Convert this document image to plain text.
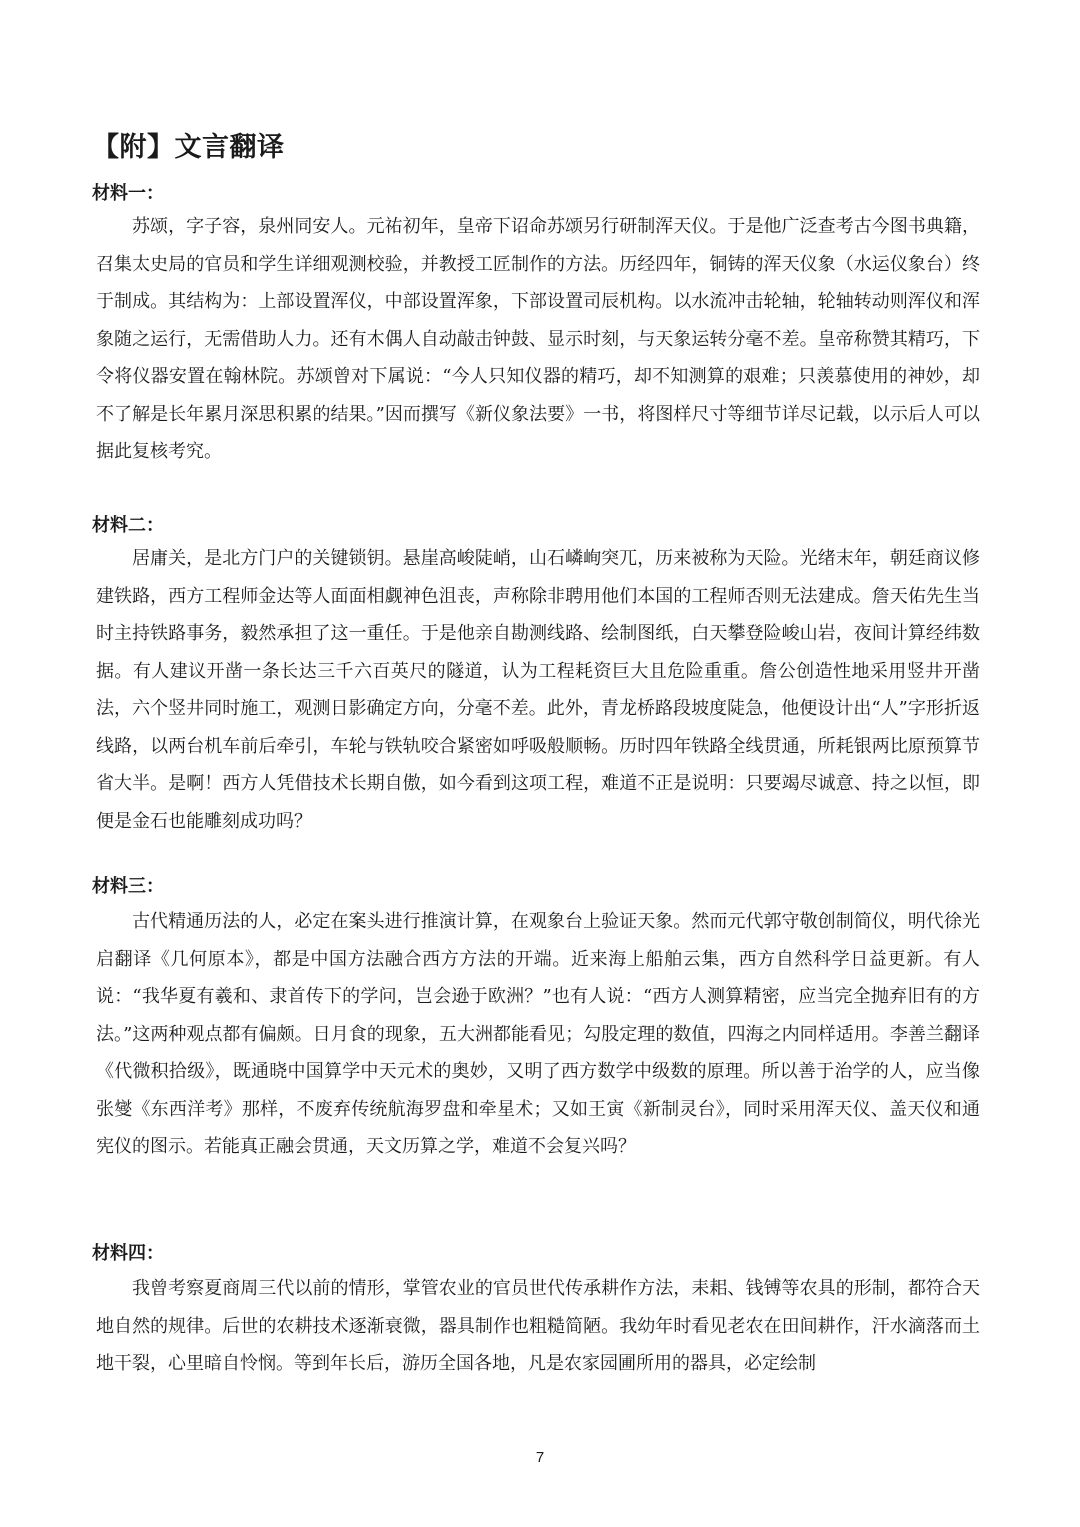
【附】文言翻译
材料一：

苏颂，字子容，泉州同安人。元祐初年，皇帝下诏命苏颂另行研制浑天仪。于是他广泛查考古今图书典籍，召集太史局的官员和学生详细观测校验，并教授工匠制作的方法。历经四年，铜铸的浑天仪象（水运仪象台）终于制成。其结构为：上部设置浑仪，中部设置浑象，下部设置司辰机构。以水流冲击轮轴，轮轴转动则浑仪和浑象随之运行，无需借助人力。还有木偶人自动敲击钟鼓、显示时刻，与天象运转分毫不差。皇帝称赞其精巧，下令将仪器安置在翰林院。苏颂曾对下属说：“今人只知仪器的精巧，却不知测算的艰难；只羡慕使用的神妙，却不了解是长年累月深思积累的结果。”因而撰写《新仪象法要》一书，将图样尺寸等细节详尽记载，以示后人可以据此复核考究。

材料二：

居庸关，是北方门户的关键锁钥。悬崖高峻陡峭，山石嶙峋突兀，历来被称为天险。光绪末年，朝廷商议修建铁路，西方工程师金达等人面面相觑神色沮丧，声称除非聘用他们本国的工程师否则无法建成。詹天佑先生当时主持铁路事务，毅然承担了这一重任。于是他亲自勘测线路、绘制图纸，白天攀登险峻山岩，夜间计算经纬数据。有人建议开凿一条长达三千六百英尺的隧道，认为工程耗资巨大且危险重重。詹公创造性地采用竖井开凿法，六个竖井同时施工，观测日影确定方向，分毫不差。此外，青龙桥路段坡度陡急，他便设计出“人”字形折返线路，以两台机车前后牵引，车轮与铁轨咬合紧密如呼吸般顺畅。历时四年铁路全线贯通，所耗银两比原预算节省大半。是啊！西方人凭借技术长期自傲，如今看到这项工程，难道不正是说明：只要竭尽诚意、持之以恒，即便是金石也能雕刻成功吗？

材料三：

古代精通历法的人，必定在案头进行推演计算，在观象台上验证天象。然而元代郭守敬创制简仪，明代徐光启翻译《几何原本》，都是中国方法融合西方方法的开端。近来海上船舶云集，西方自然科学日益更新。有人说：“我华夏有羲和、隶首传下的学问，岂会逊于欧洲？”也有人说：“西方人测算精密，应当完全抛弃旧有的方法。”这两种观点都有偏颇。日月食的现象，五大洲都能看见；勾股定理的数值，四海之内同样适用。李善兰翻译《代微积拾级》，既通晓中国算学中天元术的奥妙，又明了西方数学中级数的原理。所以善于治学的人，应当像张燮《东西洋考》那样，不废弃传统航海罗盘和牵星术；又如王寅《新制灵台》，同时采用浑天仪、盖天仪和通宪仪的图示。若能真正融会贯通，天文历算之学，难道不会复兴吗？

材料四：

我曾考察夏商周三代以前的情形，掌管农业的官员世代传承耕作方法，耒耜、钱镈等农具的形制，都符合天地自然的规律。后世的农耕技术逐渐衰微，器具制作也粗糙简陋。我幼年时看见老农在田间耕作，汗水滴落而土地干裂，心里暗自怜悯。等到年长后，游历全国各地，凡是农家园圃所用的器具，必定绘制

7
